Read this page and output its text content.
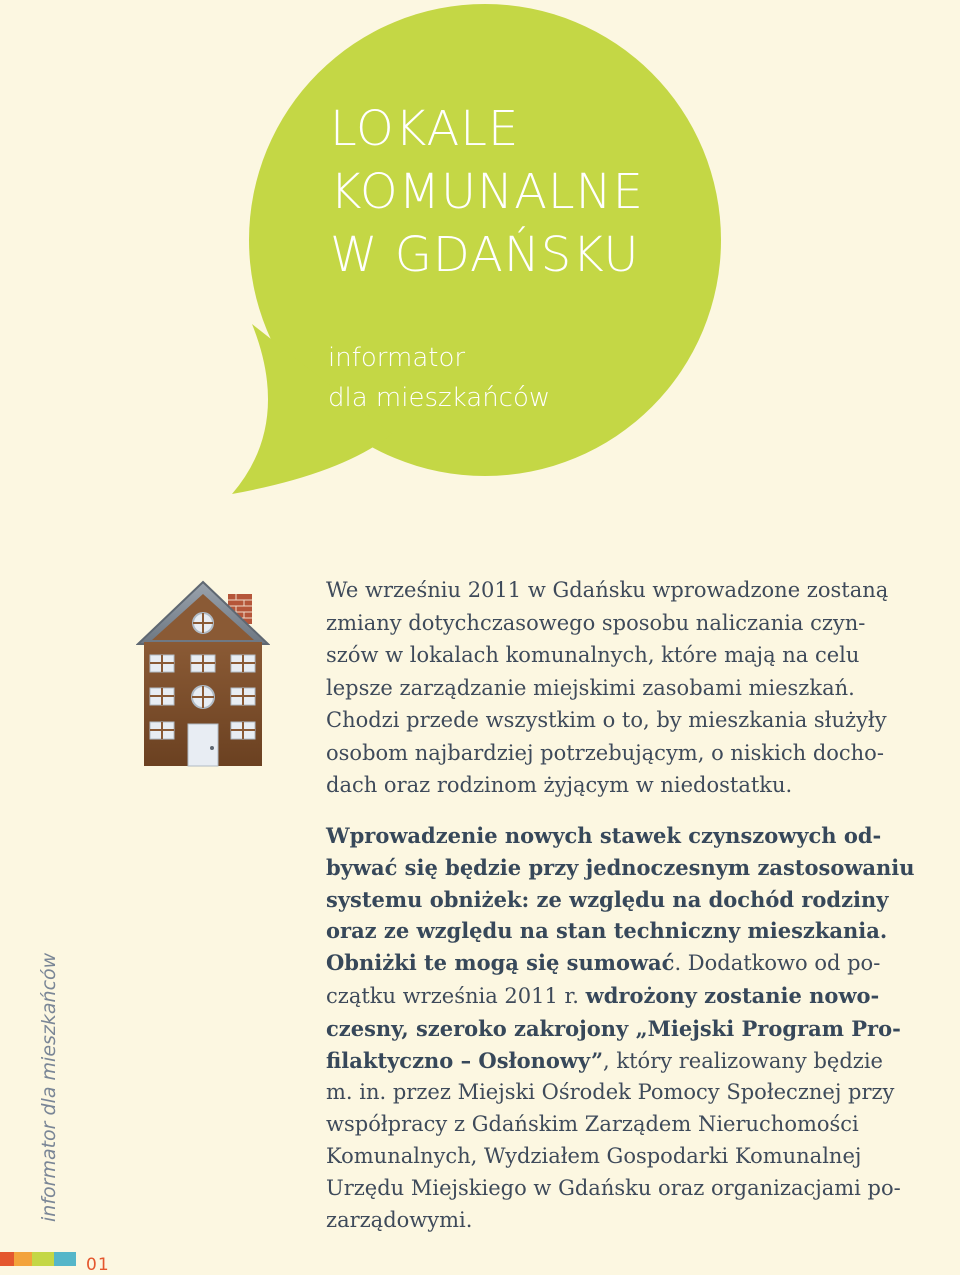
LOKALE
KOMUNALNE
W GDAŃSKU
informator
dla mieszkańców
We wrześniu 2011 w Gdańsku wprowadzone zostaną
zmiany dotychczasowego sposobu naliczania czyn-
szów w lokalach komunalnych, które mają na celu
lepsze zarządzanie miejskimi zasobami mieszkań.
Chodzi przede wszystkim o to, by mieszkania służyły
osobom najbardziej potrzebującym, o niskich docho-
dach oraz rodzinom żyjącym w niedostatku.
Wprowadzenie nowych stawek czynszowych od-
bywać się będzie przy jednoczesnym zastosowaniu
systemu obniżek: ze względu na dochód rodziny
oraz ze względu na stan techniczny mieszkania.
Obniżki te mogą się sumować. Dodatkowo od po-
czątku września 2011 r. wdrożony zostanie nowo-
czesny, szeroko zakrojony „Miejski Program Pro-
filaktyczno – Osłonowy”, który realizowany będzie
m. in. przez Miejski Ośrodek Pomocy Społecznej przy
współpracy z Gdańskim Zarządem Nieruchomości
Komunalnych, Wydziałem Gospodarki Komunalnej
Urzędu Miejskiego w Gdańsku oraz organizacjami po-
zarządowymi.
informator dla mieszkańców
01
